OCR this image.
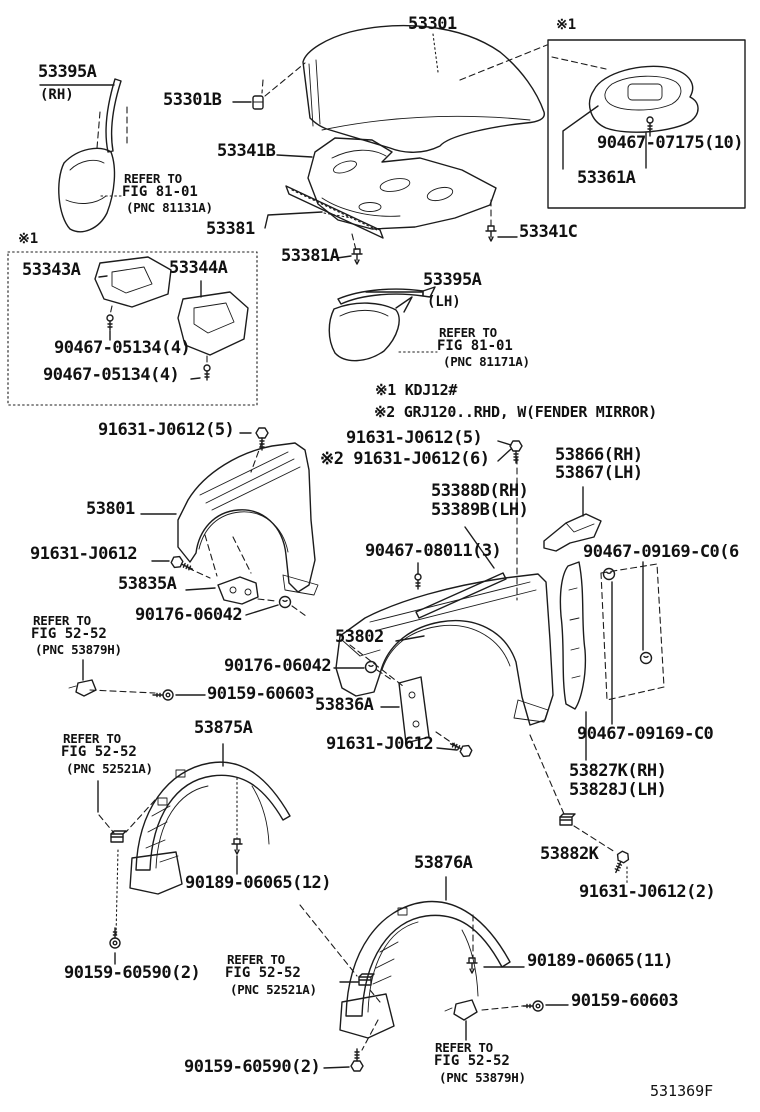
53395A
(RH)
53301
53301B
53341B
REFER TO
FIG 81-01
(PNC 81131A)
53381
53381A
53341C
※1
90467-07175(10)
53361A
※1
53343A	53344A
90467-05134(4)
90467-05134(4)
53395A
(LH)
REFER TO
FIG 81-01
(PNC 81171A)
※1 KDJ12#
※2 GRJ120..RHD, W(FENDER MIRROR)
91631-J0612(5)	91631-J0612(5)
※2 91631-J0612(6)	53866(RH)
53867(LH)
53801
53388D(RH)
53389B(LH)
91631-J0612	90467-08011(3)	90467-09169-C0(6
53835A
90176-06042
REFER TO
FIG 52-52
(PNC 53879H)
53802
90176-06042
90159-60603
53836A
53875A
91631-J0612
REFER TO
FIG 52-52
(PNC 52521A)
90467-09169-C0
53827K(RH)
53828J(LH)
53876A	53882K
91631-J0612(2)
90189-06065(12)
REFER TO
FIG 52-52
(PNC 52521A)
90159-60590(2)
90189-06065(11)
90159-60603
REFER TO
FIG 52-52
(PNC 53879H)
90159-60590(2)
531369F
